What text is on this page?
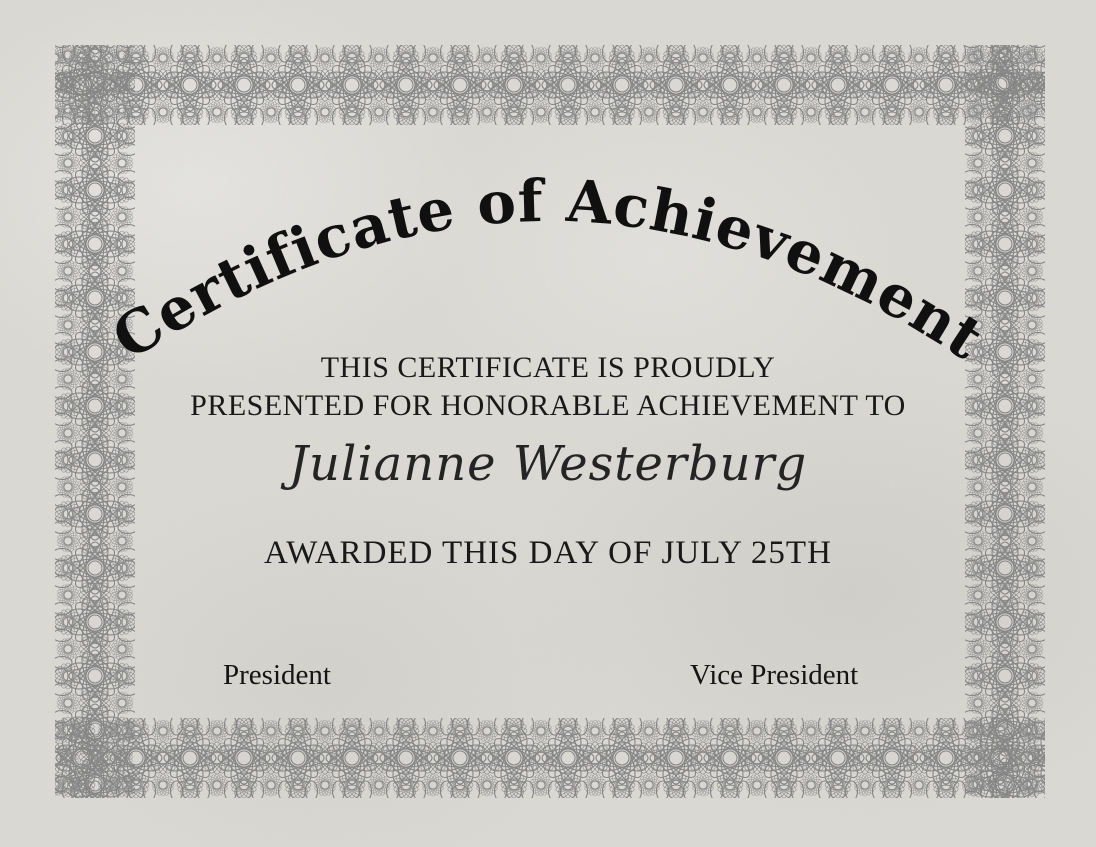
Certificate of Achievement
THIS CERTIFICATE IS PROUDLY
PRESENTED FOR HONORABLE ACHIEVEMENT TO
Julianne Westerburg
AWARDED THIS DAY OF JULY 25TH
President	Vice President
